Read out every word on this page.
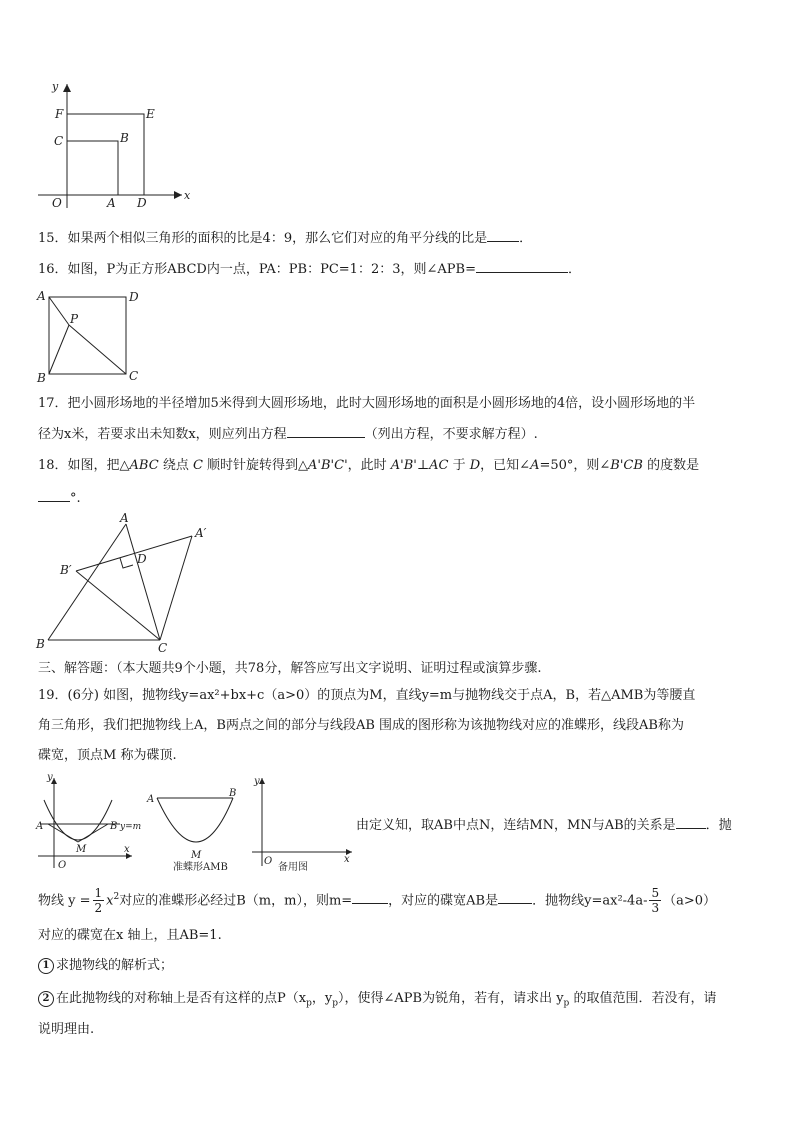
y
x
F	E
C	B
O	A D
15．如果两个相似三角形的面积的比是4：9，那么它们对应的角平分线的比是 ．
16．如图，P为正方形ABCD内一点，PA：PB：PC=1：2：3，则∠APB=	．
A	D
P
B	C
17．把小圆形场地的半径增加5米得到大圆形场地，此时大圆形场地的面积是小圆形场地的4倍，设小圆形场地的半
径为x米，若要求出未知数x，则应列出方程	（列出方程，不要求解方程）.
18．如图，把△ABC 绕点 C 顺时针旋转得到△A'B'C'，此时 A'B'⊥AC 于 D，已知∠A=50°，则∠B'CB 的度数是
°.
A
A′
B′
D
B	C
三、解答题：（本大题共9个小题，共78分，解答应写出文字说明、证明过程或演算步骤.
19．(6分) 如图，抛物线y=ax²+bx+c（a>0）的顶点为M，直线y=m与抛物线交于点A，B，若△AMB为等腰直
角三角形，我们把抛物线上A，B两点之间的部分与线段AB 围成的图形称为该抛物线对应的准蝶形，线段AB称为
碟宽，顶点M 称为碟顶.
y
A	B y=m
M
O
x
A
B
M
准蝶形AMB
y
O	x
备用图
由定义知，取AB中点N，连结MN，MN与AB的关系是 ．抛
物线 $y = \frac{1}{2} x^2$对应的准蝶形必经过B（m，m），则m=	，对应的碟宽AB是	．抛物线$y=ax^2-4a- \frac{5}{3} (a>0)$
对应的碟宽在x 轴上，且AB=1.
1 求抛物线的解析式；
2 在此抛物线的对称轴上是否有这样的点$P(x_p$，$y_p$），使得∠APB为锐角，若有，请求出 $y_p$ 的取值范围．若没有，请
说明理由.
